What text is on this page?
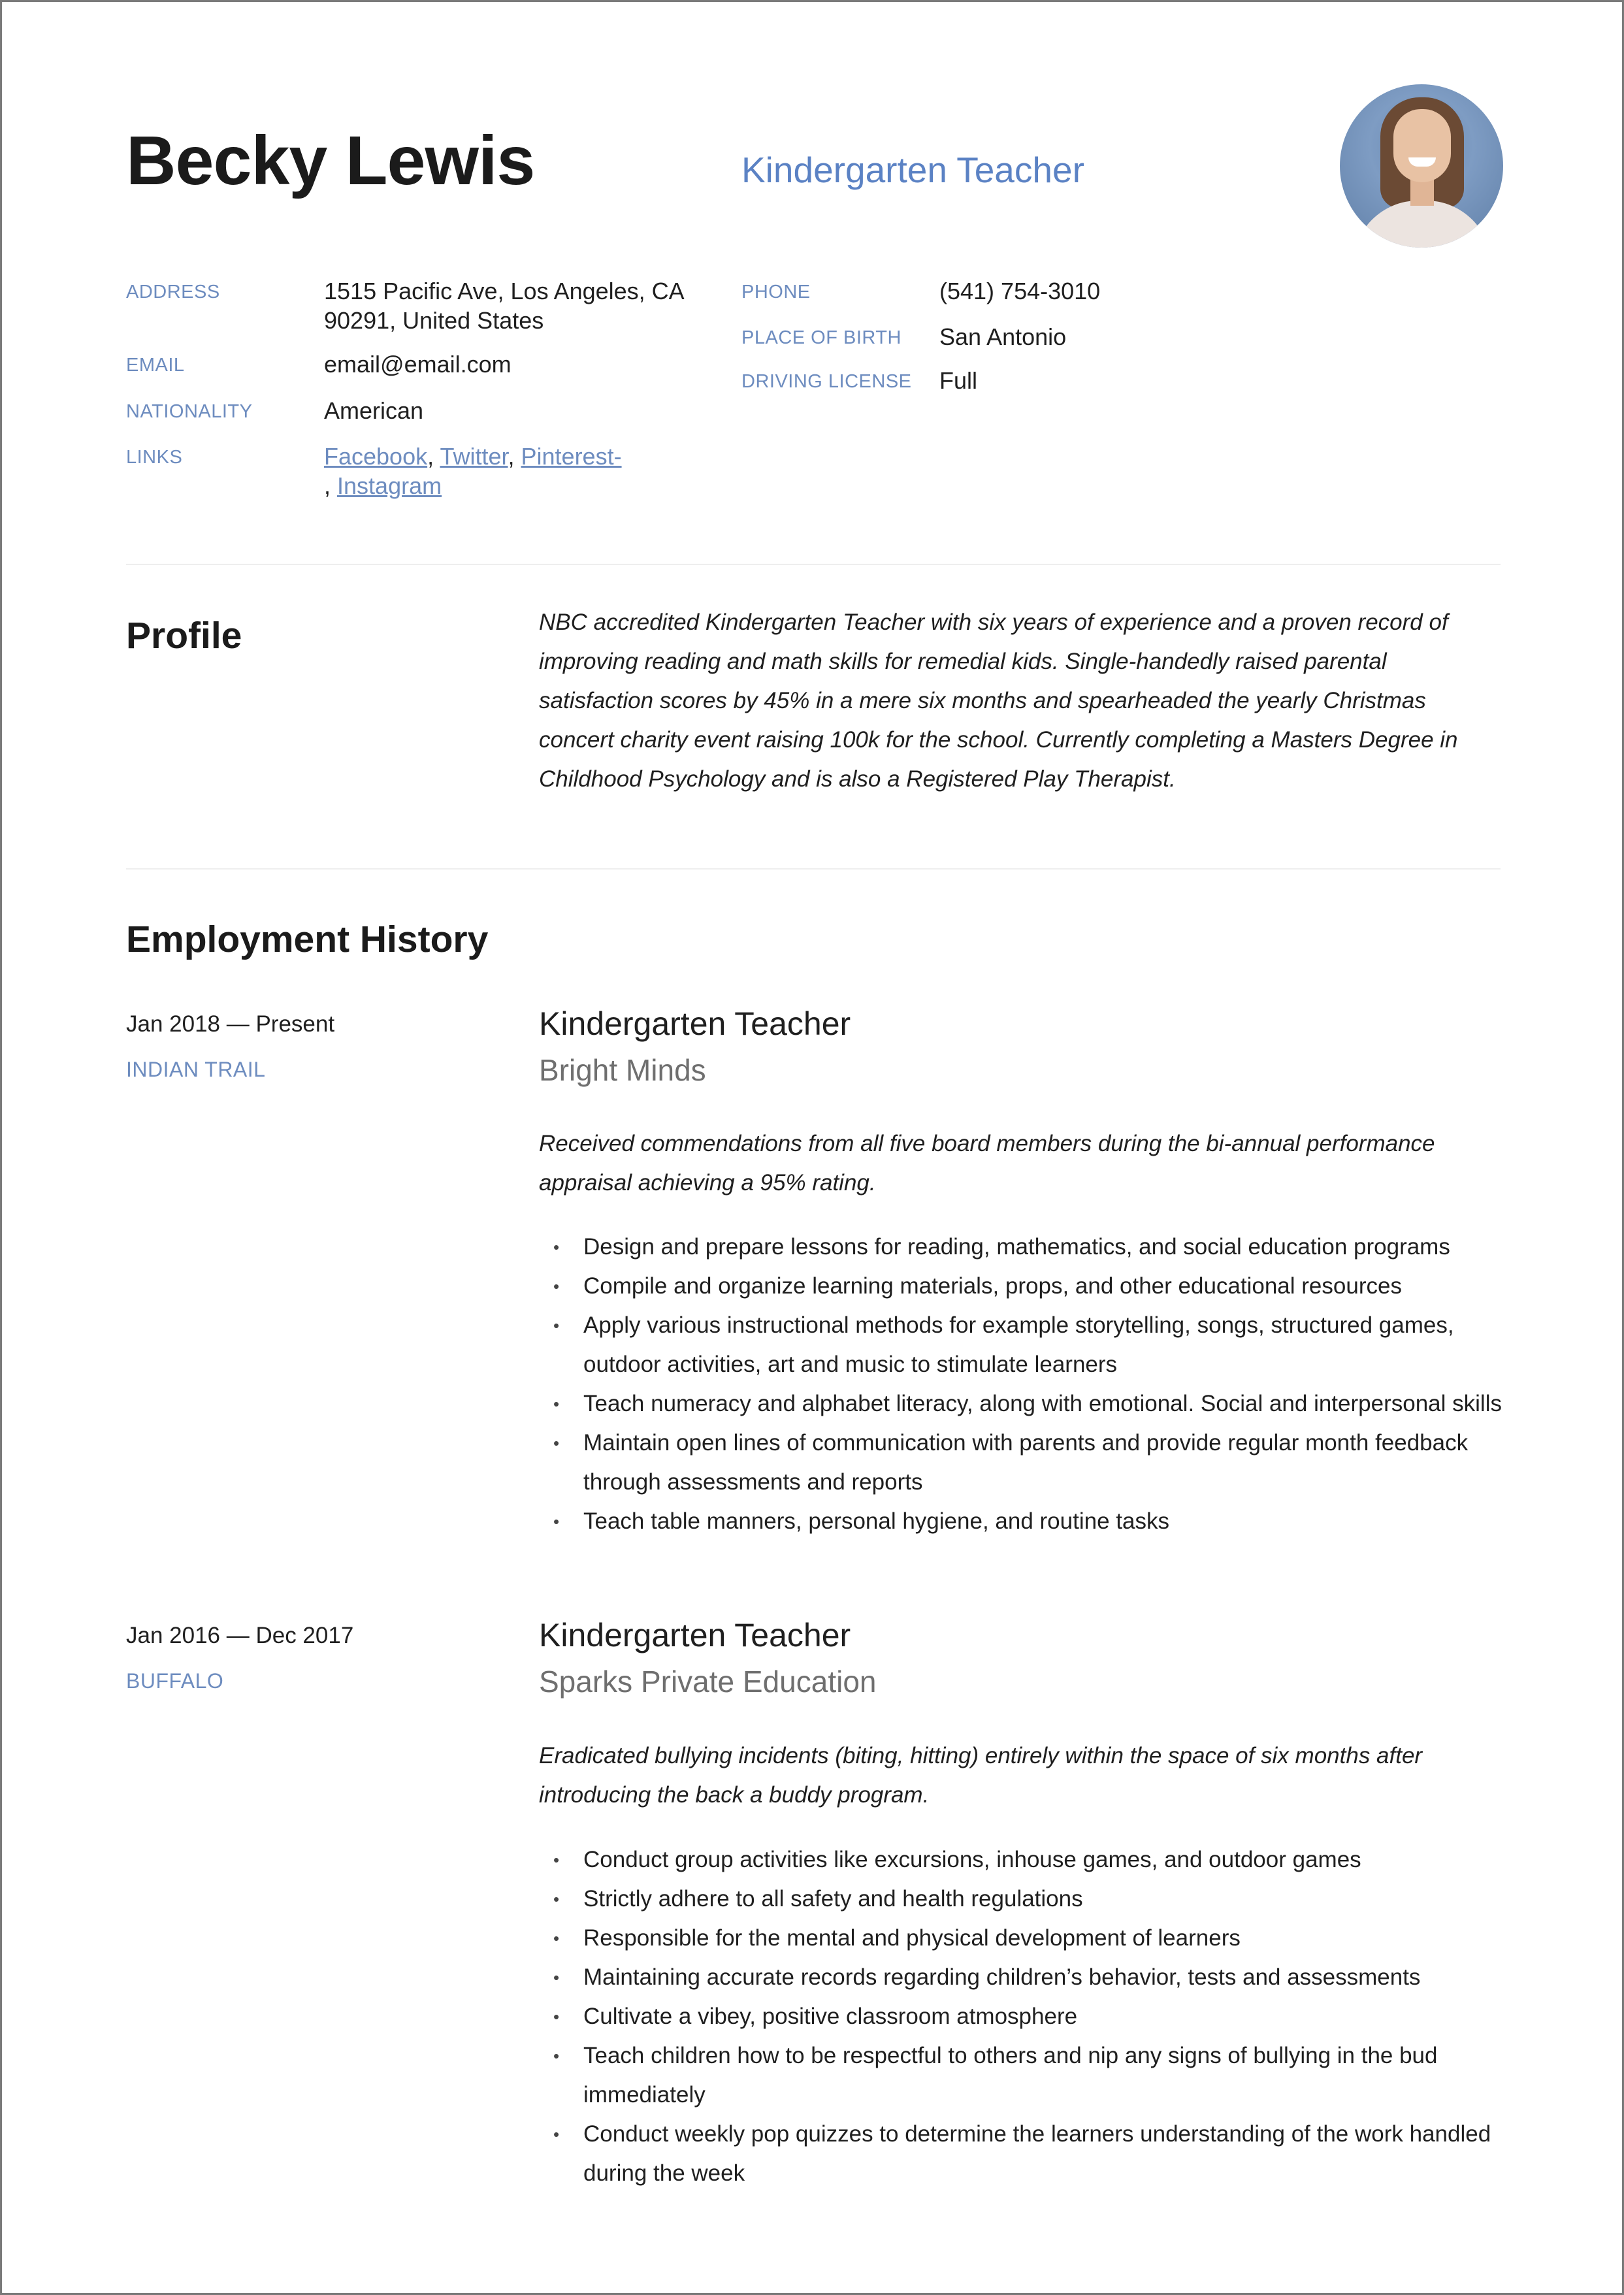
Becky Lewis	Kindergarten Teacher
ADDRESS	1515 Pacific Ave, Los Angeles, CA
90291, United States
EMAIL	email@email.com
NATIONALITY	American
LINKS	Facebook, Twitter, Pinterest-
, Instagram
PHONE	(541) 754-3010
PLACE OF BIRTH San Antonio
DRIVING LICENSE Full
Profile	NBC accredited Kindergarten Teacher with six years of experience and a proven record of improving reading and math skills for remedial kids. Single-handedly raised parental satisfaction scores by 45% in a mere six months and spearheaded the yearly Christmas concert charity event raising 100k for the school. Currently completing a Masters Degree in Childhood Psychology and is also a Registered Play Therapist.
Employment History
Jan 2018 — Present
INDIAN TRAIL
Kindergarten Teacher
Bright Minds
Received commendations from all five board members during the bi-annual performance appraisal achieving a 95% rating.
• Design and prepare lessons for reading, mathematics, and social education programs
• Compile and organize learning materials, props, and other educational resources
• Apply various instructional methods for example storytelling, songs, structured games, outdoor activities, art and music to stimulate learners
• Teach numeracy and alphabet literacy, along with emotional. Social and interpersonal skills
• Maintain open lines of communication with parents and provide regular month feedback through assessments and reports
• Teach table manners, personal hygiene, and routine tasks
Jan 2016 — Dec 2017
BUFFALO
Kindergarten Teacher
Sparks Private Education
Eradicated bullying incidents (biting, hitting) entirely within the space of six months after introducing the back a buddy program.
• Conduct group activities like excursions, inhouse games, and outdoor games
• Strictly adhere to all safety and health regulations
• Responsible for the mental and physical development of learners
• Maintaining accurate records regarding children’s behavior, tests and assessments
• Cultivate a vibey, positive classroom atmosphere
• Teach children how to be respectful to others and nip any signs of bullying in the bud immediately
• Conduct weekly pop quizzes to determine the learners understanding of the work handled during the week
